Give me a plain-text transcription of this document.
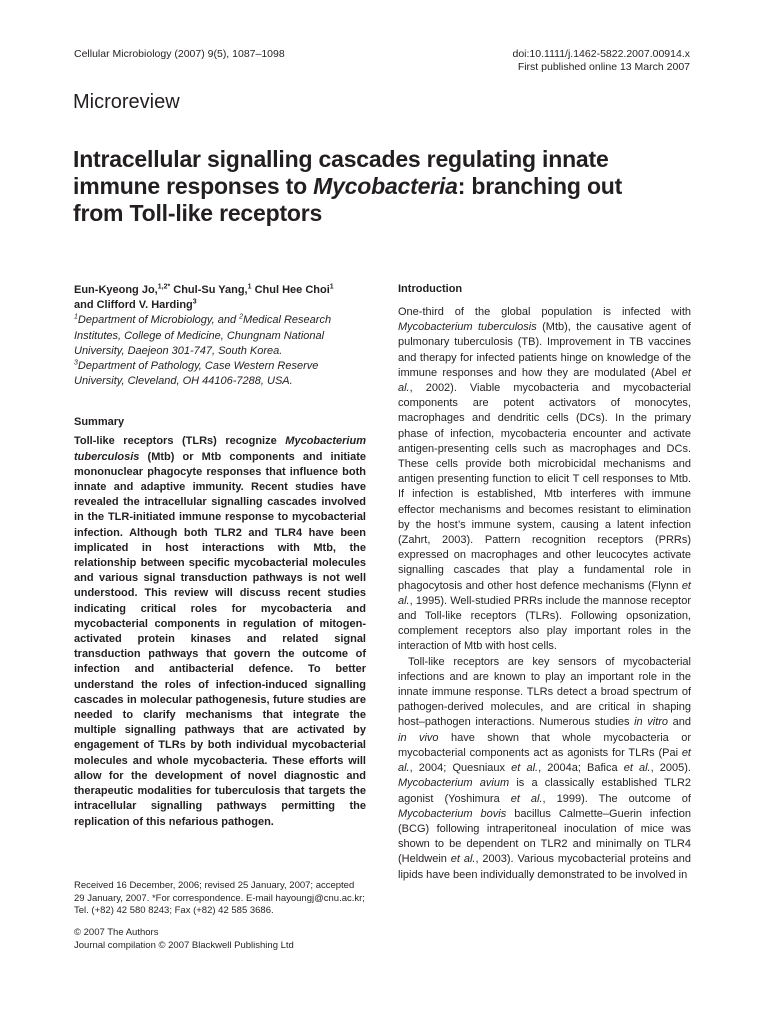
Cellular Microbiology (2007) 9(5), 1087–1098	doi:10.1111/j.1462-5822.2007.00914.x
First published online 13 March 2007
Microreview
Intracellular signalling cascades regulating innate immune responses to Mycobacteria: branching out from Toll-like receptors
Eun-Kyeong Jo,$^{1,2*}$ Chul-Su Yang,$^1$ Chul Hee Choi$^1$
and Clifford V. Harding$^3$
$^1$Department of Microbiology, and $^2$Medical Research Institutes, College of Medicine, Chungnam National University, Daejeon 301-747, South Korea.
$^3$Department of Pathology, Case Western Reserve University, Cleveland, OH 44106-7288, USA.
Summary
Toll-like receptors (TLRs) recognize Mycobacterium tuberculosis (Mtb) or Mtb components and initiate mononuclear phagocyte responses that influence both innate and adaptive immunity. Recent studies have revealed the intracellular signalling cascades involved in the TLR-initiated immune response to mycobacterial infection. Although both TLR2 and TLR4 have been implicated in host interactions with Mtb, the relationship between specific mycobacterial molecules and various signal transduction pathways is not well understood. This review will discuss recent studies indicating critical roles for mycobacteria and mycobacterial components in regulation of mitogen-activated protein kinases and related signal transduction pathways that govern the outcome of infection and antibacterial defence. To better understand the roles of infection-induced signalling cascades in molecular pathogenesis, future studies are needed to clarify mechanisms that integrate the multiple signalling pathways that are activated by engagement of TLRs by both individual mycobacterial molecules and whole mycobacteria. These efforts will allow for the development of novel diagnostic and therapeutic modalities for tuberculosis that targets the intracellular signalling pathways permitting the replication of this nefarious pathogen.
Received 16 December, 2006; revised 25 January, 2007; accepted 29 January, 2007. *For correspondence. E-mail hayoungj@cnu.ac.kr; Tel. (+82) 42 580 8243; Fax (+82) 42 585 3686.
© 2007 The Authors
Journal compilation © 2007 Blackwell Publishing Ltd
Introduction

One-third of the global population is infected with Mycobacterium tuberculosis (Mtb), the causative agent of pulmonary tuberculosis (TB). Improvement in TB vaccines and therapy for infected patients hinge on knowledge of the immune responses and how they are modulated (Abel et al., 2002). Viable mycobacteria and mycobacterial components are potent activators of monocytes, macrophages and dendritic cells (DCs). In the primary phase of infection, mycobacteria encounter and activate antigen-presenting cells such as macrophages and DCs. These cells provide both microbicidal mechanisms and antigen presenting function to elicit T cell responses to Mtb. If infection is established, Mtb interferes with immune effector mechanisms and becomes resistant to elimination by the host’s immune system, causing a latent infection (Zahrt, 2003). Pattern recognition receptors (PRRs) expressed on macrophages and other leucocytes activate signalling cascades that play a fundamental role in phagocytosis and other host defence mechanisms (Flynn et al., 1995). Well-studied PRRs include the mannose receptor and Toll-like receptors (TLRs). Following opsonization, complement receptors also play important roles in the interaction of Mtb with host cells.

Toll-like receptors are key sensors of mycobacterial infections and are known to play an important role in the innate immune response. TLRs detect a broad spectrum of pathogen-derived molecules, and are critical in shaping host–pathogen interactions. Numerous studies in vitro and in vivo have shown that whole mycobacteria or mycobacterial components act as agonists for TLRs (Pai et al., 2004; Quesniaux et al., 2004a; Bafica et al., 2005). Mycobacterium avium is a classically established TLR2 agonist (Yoshimura et al., 1999). The outcome of Mycobacterium bovis bacillus Calmette–Guerin infection (BCG) following intraperitoneal inoculation of mice was shown to be dependent on TLR2 and minimally on TLR4 (Heldwein et al., 2003). Various mycobacterial proteins and lipids have been individually demonstrated to be involved in
